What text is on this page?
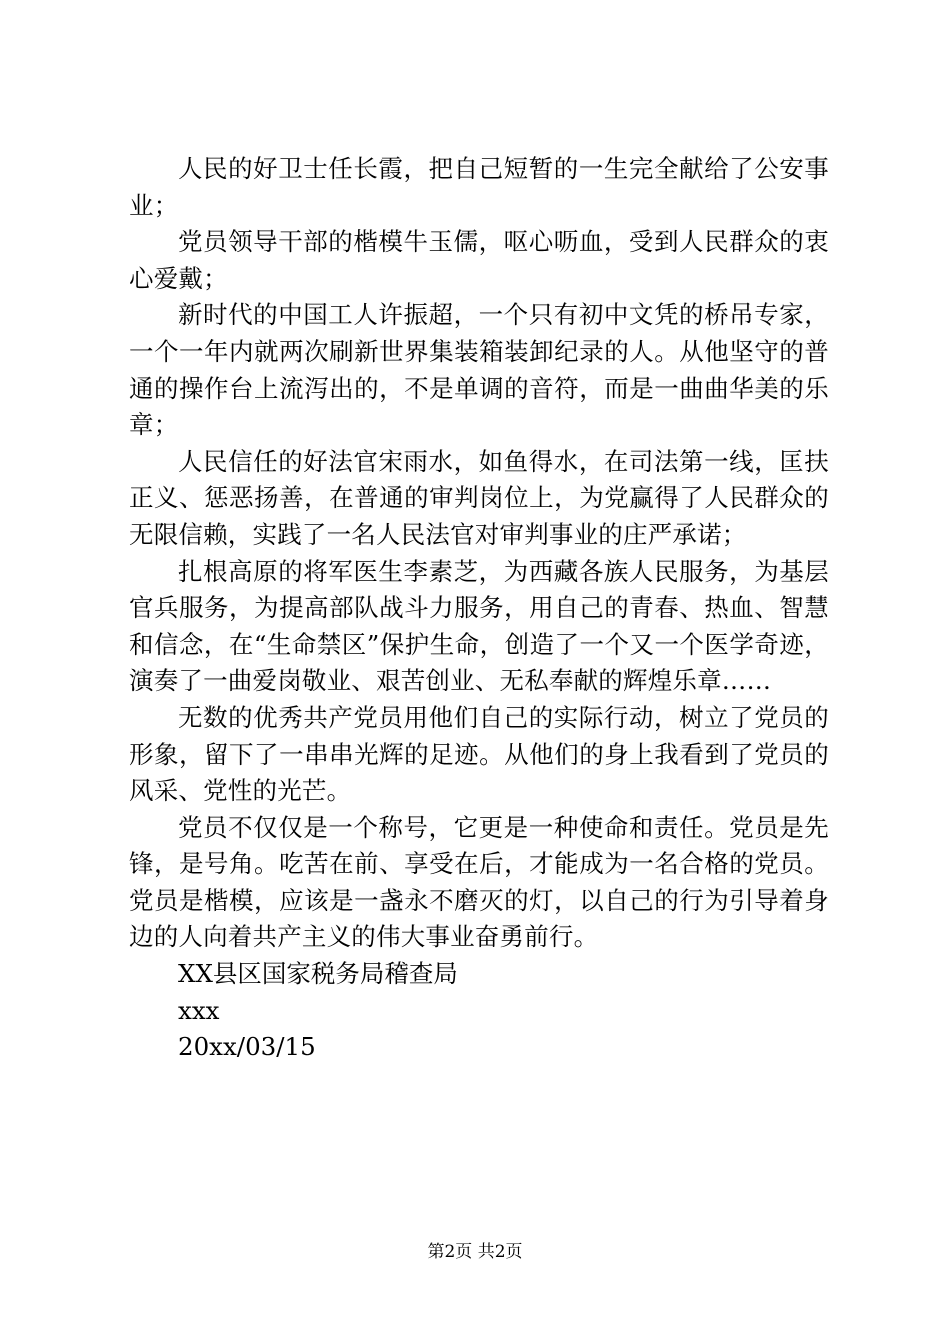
人民的好卫士任长霞，把自己短暂的一生完全献给了公安事业；

党员领导干部的楷模牛玉儒，呕心呖血，受到人民群众的衷心爱戴；

新时代的中国工人许振超，一个只有初中文凭的桥吊专家，一个一年内就两次刷新世界集装箱装卸纪录的人。从他坚守的普通的操作台上流泻出的，不是单调的音符，而是一曲曲华美的乐章；

人民信任的好法官宋雨水，如鱼得水，在司法第一线，匡扶正义、惩恶扬善，在普通的审判岗位上，为党赢得了人民群众的无限信赖，实践了一名人民法官对审判事业的庄严承诺；

扎根高原的将军医生李素芝，为西藏各族人民服务，为基层官兵服务，为提高部队战斗力服务，用自己的青春、热血、智慧和信念，在“生命禁区”保护生命，创造了一个又一个医学奇迹，演奏了一曲爱岗敬业、艰苦创业、无私奉献的辉煌乐章……

无数的优秀共产党员用他们自己的实际行动，树立了党员的形象，留下了一串串光辉的足迹。从他们的身上我看到了党员的风采、党性的光芒。

党员不仅仅是一个称号，它更是一种使命和责任。党员是先锋，是号角。吃苦在前、享受在后，才能成为一名合格的党员。党员是楷模，应该是一盏永不磨灭的灯，以自己的行为引导着身边的人向着共产主义的伟大事业奋勇前行。

XX县区国家税务局稽查局

xxx

20xx/03/15

第2页 共2页
